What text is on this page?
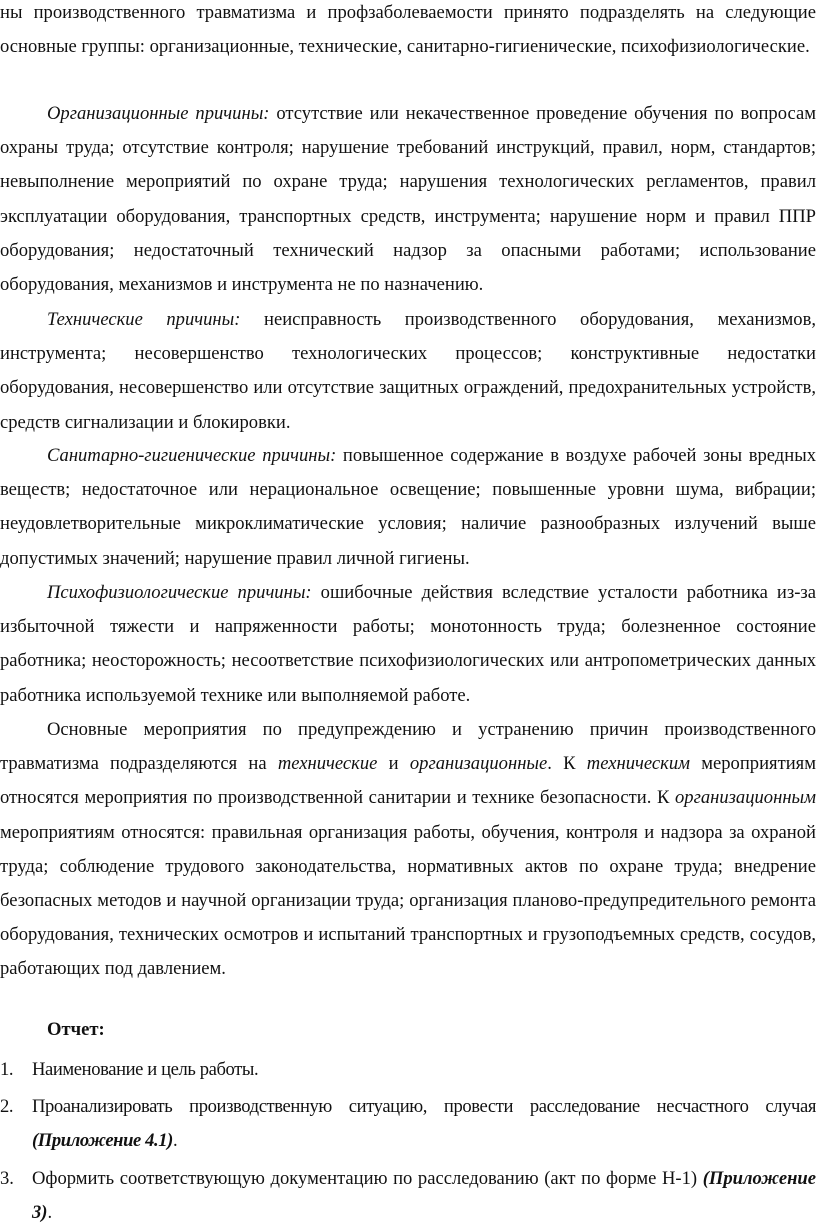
ны производственного травматизма и профзаболеваемости принято подразделять на следующие основные группы: организационные, технические, санитарно-гигиенические, психофизиологические.

Организационные причины: отсутствие или некачественное проведение обучения по вопросам охраны труда; отсутствие контроля; нарушение требований инструкций, правил, норм, стандартов; невыполнение мероприятий по охране труда; нарушения технологических регламентов, правил эксплуатации оборудования, транспортных средств, инструмента; нарушение норм и правил ППР оборудования; недостаточный технический надзор за опасными работами; использование оборудования, механизмов и инструмента не по назначению.

Технические причины: неисправность производственного оборудования, механизмов, инструмента; несовершенство технологических процессов; конструктивные недостатки оборудования, несовершенство или отсутствие защитных ограждений, предохранительных устройств, средств сигнализации и блокировки.

Санитарно-гигиенические причины: повышенное содержание в воздухе рабочей зоны вредных веществ; недостаточное или нерациональное освещение; повышенные уровни шума, вибрации; неудовлетворительные микроклиматические условия; наличие разнообразных излучений выше допустимых значений; нарушение правил личной гигиены.

Психофизиологические причины: ошибочные действия вследствие усталости работника из-за избыточной тяжести и напряженности работы; монотонность труда; болезненное состояние работника; неосторожность; несоответствие психофизиологических или антропометрических данных работника используемой технике или выполняемой работе.

Основные мероприятия по предупреждению и устранению причин производственного травматизма подразделяются на технические и организационные. К техническим мероприятиям относятся мероприятия по производственной санитарии и технике безопасности. К организационным мероприятиям относятся: правильная организация работы, обучения, контроля и надзора за охраной труда; соблюдение трудового законодательства, нормативных актов по охране труда; внедрение безопасных методов и научной организации труда; организация планово-предупредительного ремонта оборудования, технических осмотров и испытаний транспортных и грузоподъемных средств, сосудов, работающих под давлением.

Отчет:
1. Наименование и цель работы.
2. Проанализировать производственную ситуацию, провести расследование несчастного случая (Приложение 4.1).
3. Оформить соответствующую документацию по расследованию (акт по форме Н-1) (Приложение 3).
